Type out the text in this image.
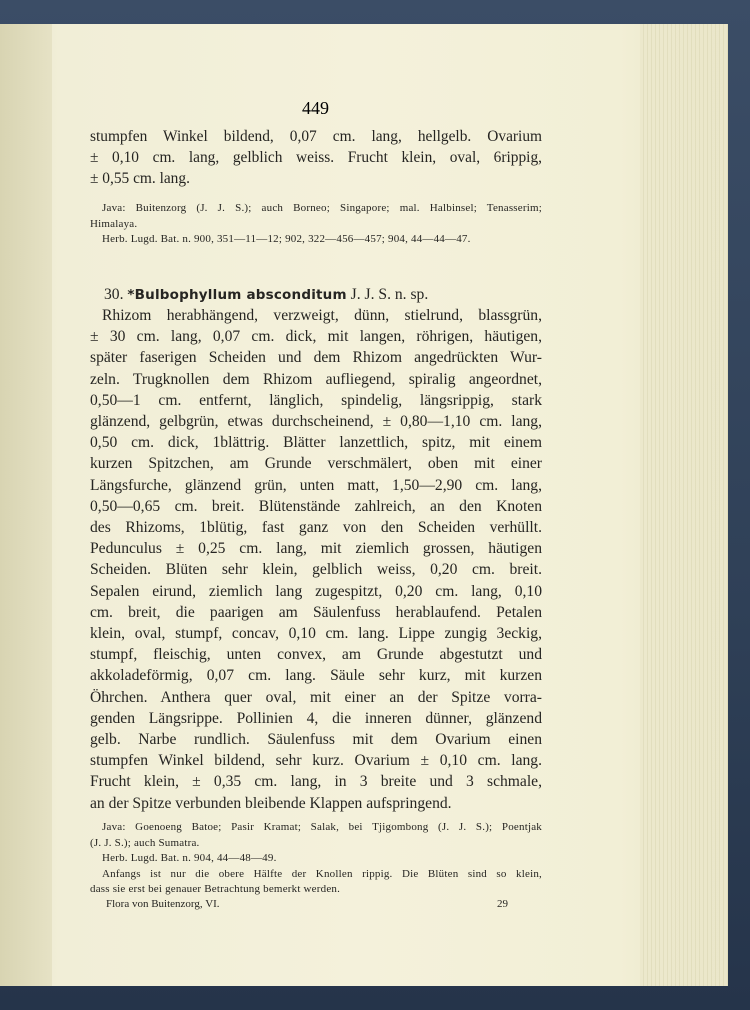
449
stumpfen Winkel bildend, 0,07 cm. lang, hellgelb. Ovarium
± 0,10 cm. lang, gelblich weiss. Frucht klein, oval, 6rippig,
± 0,55 cm. lang.
Java: Buitenzorg (J. J. S.); auch Borneo; Singapore; mal. Halbinsel; Tenasserim;
Himalaya.
Herb. Lugd. Bat. n. 900, 351—11—12; 902, 322—456—457; 904, 44—44—47.
30. *Bulbophyllum absconditum J. J. S. n. sp.
Rhizom herabhängend, verzweigt, dünn, stielrund, blassgrün,
± 30 cm. lang, 0,07 cm. dick, mit langen, röhrigen, häutigen,
später faserigen Scheiden und dem Rhizom angedrückten Wur-
zeln. Trugknollen dem Rhizom aufliegend, spiralig angeordnet,
0,50—1 cm. entfernt, länglich, spindelig, längsrippig, stark
glänzend, gelbgrün, etwas durchscheinend, ± 0,80—1,10 cm. lang,
0,50 cm. dick, 1blättrig. Blätter lanzettlich, spitz, mit einem
kurzen Spitzchen, am Grunde verschmälert, oben mit einer
Längsfurche, glänzend grün, unten matt, 1,50—2,90 cm. lang,
0,50—0,65 cm. breit. Blütenstände zahlreich, an den Knoten
des Rhizoms, 1blütig, fast ganz von den Scheiden verhüllt.
Pedunculus ± 0,25 cm. lang, mit ziemlich grossen, häutigen
Scheiden. Blüten sehr klein, gelblich weiss, 0,20 cm. breit.
Sepalen eirund, ziemlich lang zugespitzt, 0,20 cm. lang, 0,10
cm. breit, die paarigen am Säulenfuss herablaufend. Petalen
klein, oval, stumpf, concav, 0,10 cm. lang. Lippe zungig 3eckig,
stumpf, fleischig, unten convex, am Grunde abgestutzt und
akkoladeförmig, 0,07 cm. lang. Säule sehr kurz, mit kurzen
Öhrchen. Anthera quer oval, mit einer an der Spitze vorra-
genden Längsrippe. Pollinien 4, die inneren dünner, glänzend
gelb. Narbe rundlich. Säulenfuss mit dem Ovarium einen
stumpfen Winkel bildend, sehr kurz. Ovarium ± 0,10 cm. lang.
Frucht klein, ± 0,35 cm. lang, in 3 breite und 3 schmale,
an der Spitze verbunden bleibende Klappen aufspringend.
Java: Goenoeng Batoe; Pasir Kramat; Salak, bei Tjigombong (J. J. S.); Poentjak
(J. J. S.); auch Sumatra.
Herb. Lugd. Bat. n. 904, 44—48—49.
Anfangs ist nur die obere Hälfte der Knollen rippig. Die Blüten sind so klein,
dass sie erst bei genauer Betrachtung bemerkt werden.
Flora von Buitenzorg, VI.	29
